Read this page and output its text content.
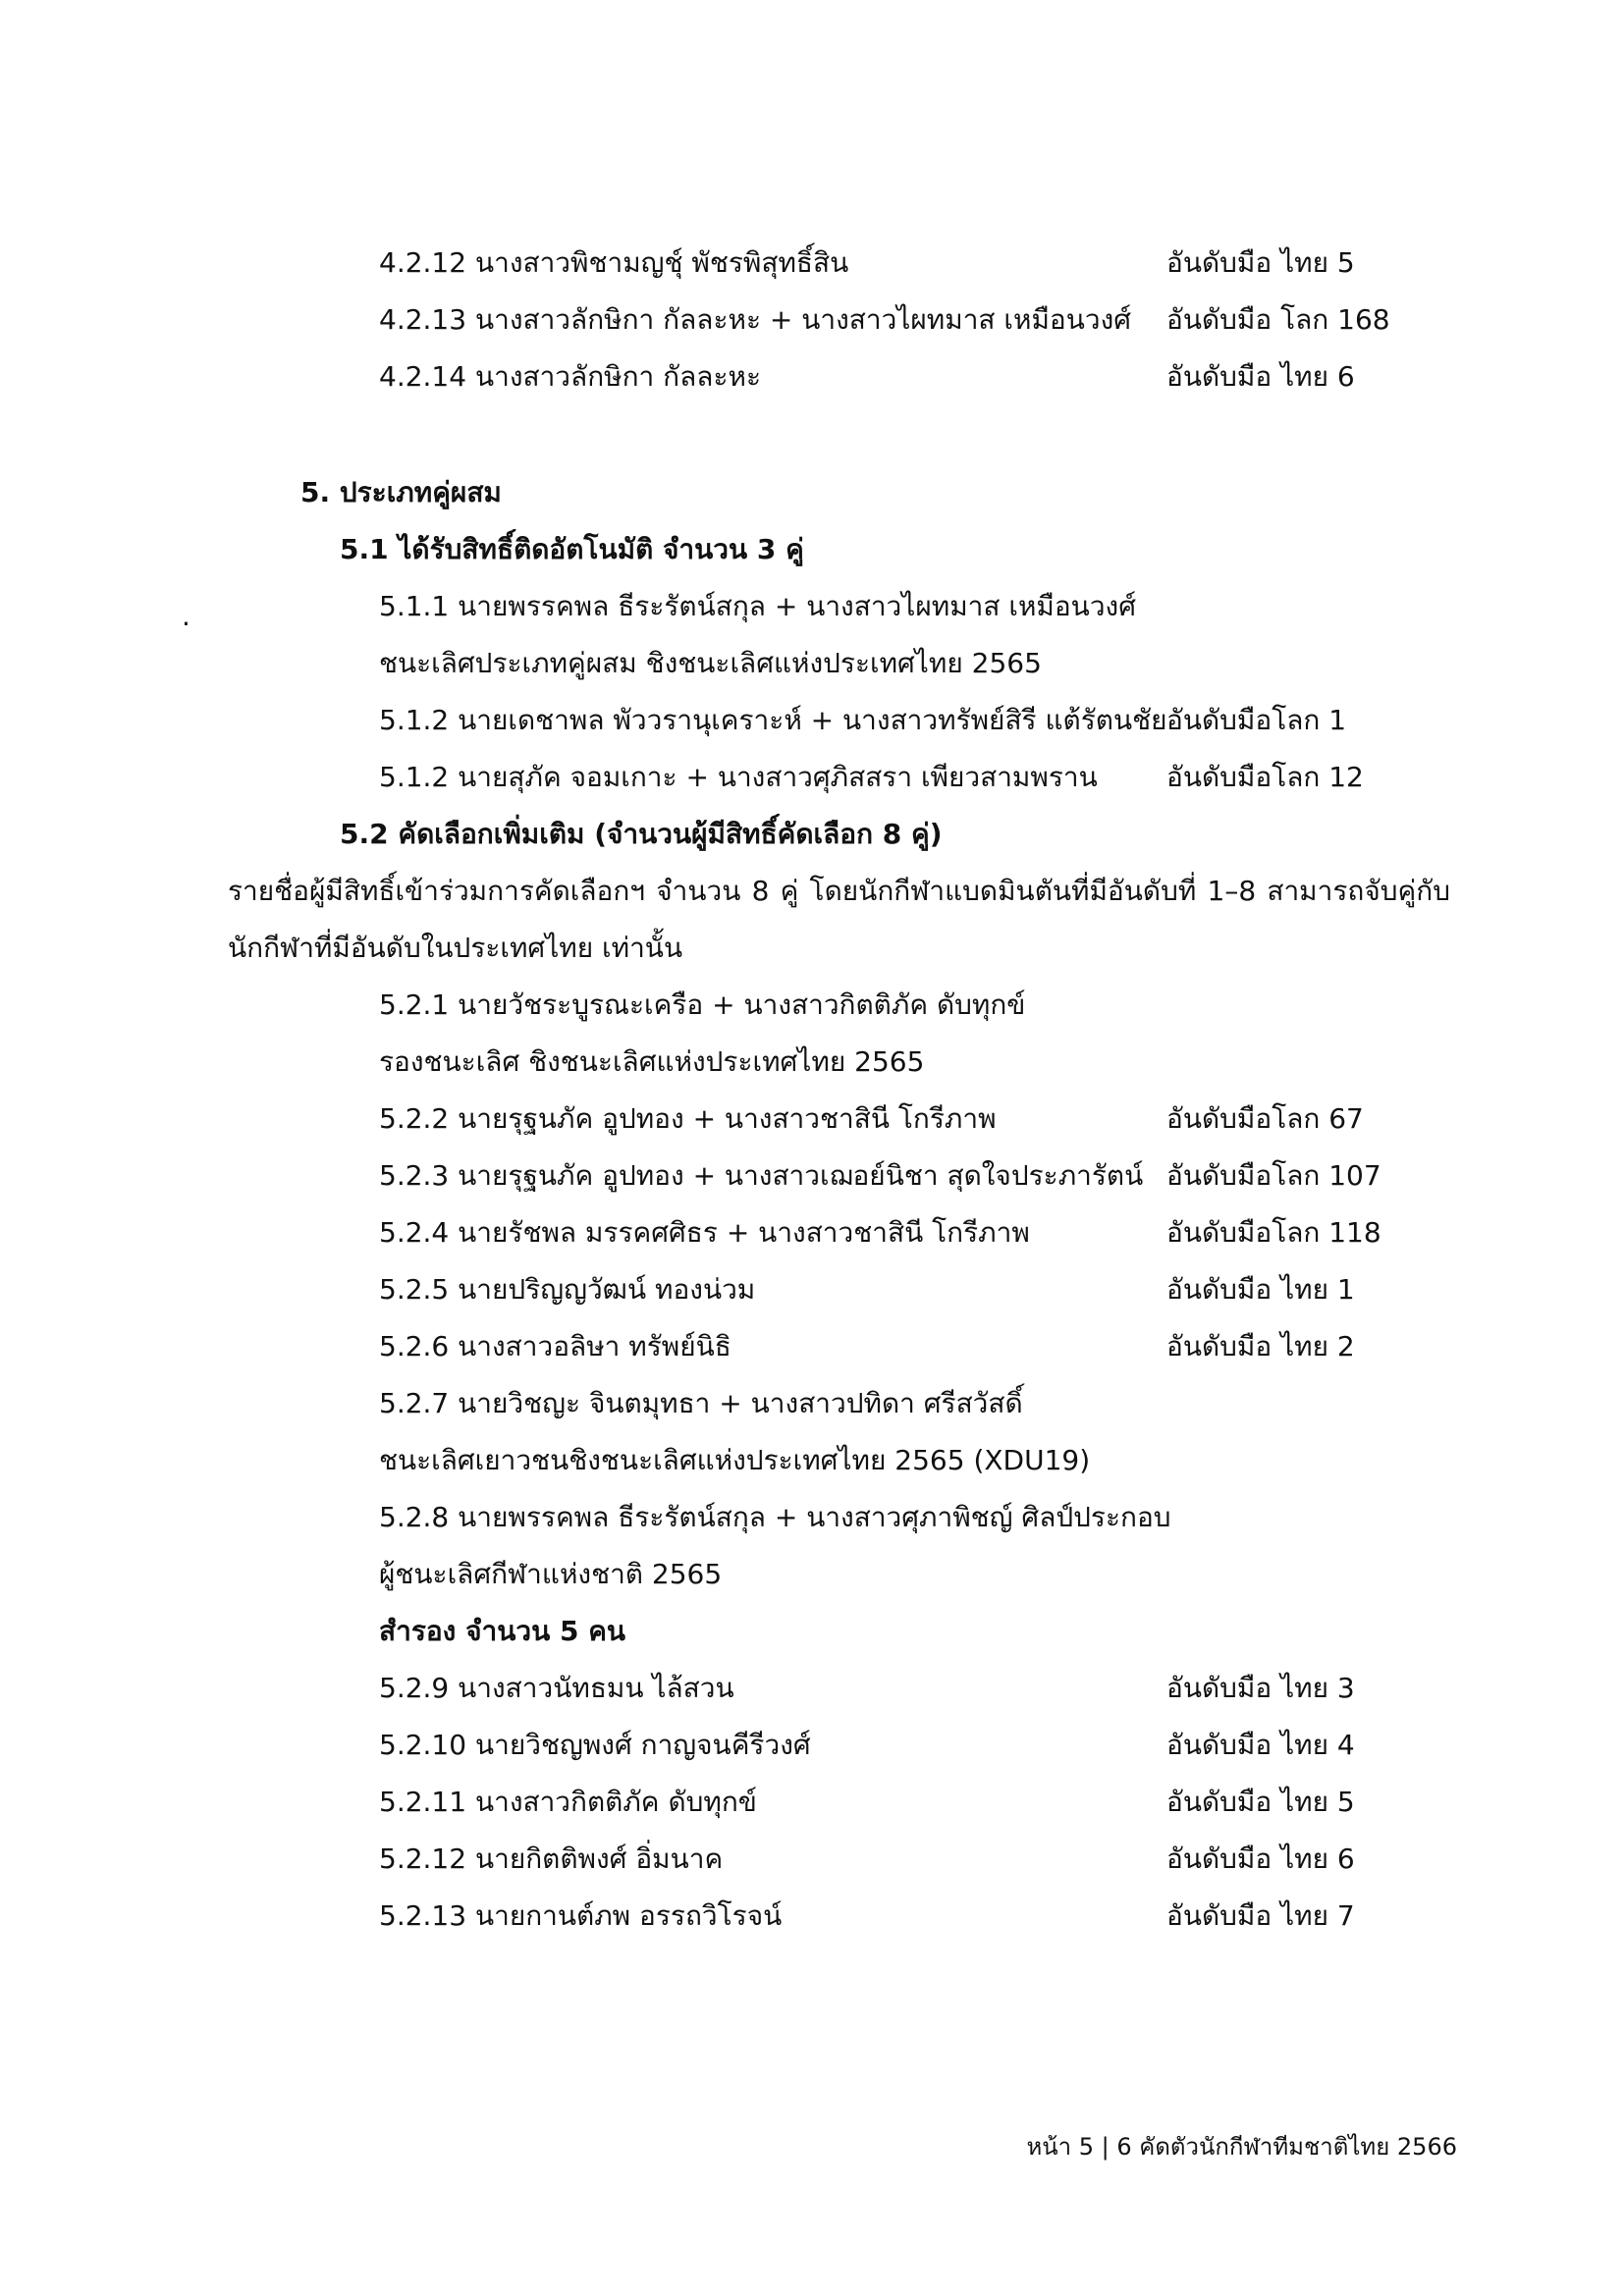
4.2.12 นางสาวพิชามญชุ์ พัชรพิสุทธิ์สิน	อันดับมือ ไทย 5
4.2.13 นางสาวลักษิกา กัลละหะ + นางสาวไผทมาส เหมือนวงศ์ อันดับมือ โลก 168
4.2.14 นางสาวลักษิกา กัลละหะ	อันดับมือ ไทย 6
5. ประเภทคู่ผสม
5.1 ได้รับสิทธิ์ติดอัตโนมัติ จำนวน 3 คู่
.	5.1.1 นายพรรคพล ธีระรัตน์สกุล + นางสาวไผทมาส เหมือนวงศ์
ชนะเลิศประเภทคู่ผสม ชิงชนะเลิศแห่งประเทศไทย 2565
5.1.2 นายเดชาพล พัววรานุเคราะห์ + นางสาวทรัพย์สิรี แต้รัตนชัย อันดับมือโลก 1
5.1.2 นายสุภัค จอมเกาะ + นางสาวศุภิสสรา เพียวสามพราน	อันดับมือโลก 12
5.2 คัดเลือกเพิ่มเติม (จำนวนผู้มีสิทธิ์คัดเลือก 8 คู่)
รายชื่อผู้มีสิทธิ์เข้าร่วมการคัดเลือกฯ จำนวน 8 คู่ โดยนักกีฬาแบดมินตันที่มีอันดับที่ 1–8 สามารถจับคู่กับ
นักกีฬาที่มีอันดับในประเทศไทย เท่านั้น
5.2.1 นายวัชระบูรณะเครือ + นางสาวกิตติภัค ดับทุกข์
รองชนะเลิศ ชิงชนะเลิศแห่งประเทศไทย 2565
5.2.2 นายรุฐนภัค อูปทอง + นางสาวชาสินี โกรีภาพ	อันดับมือโลก 67
5.2.3 นายรุฐนภัค อูปทอง + นางสาวเฌอย์นิชา สุดใจประภารัตน์ อันดับมือโลก 107
5.2.4 นายรัชพล มรรคศศิธร + นางสาวชาสินี โกรีภาพ	อันดับมือโลก 118
5.2.5 นายปริญญวัฒน์ ทองน่วม	อันดับมือ ไทย 1
5.2.6 นางสาวอลิษา ทรัพย์นิธิ	อันดับมือ ไทย 2
5.2.7 นายวิชญะ จินตมุทธา + นางสาวปทิดา ศรีสวัสดิ์
ชนะเลิศเยาวชนชิงชนะเลิศแห่งประเทศไทย 2565 (XDU19)
5.2.8 นายพรรคพล ธีระรัตน์สกุล + นางสาวศุภาพิชญ์ ศิลป์ประกอบ
ผู้ชนะเลิศกีฬาแห่งชาติ 2565
สำรอง จำนวน 5 คน
5.2.9 นางสาวนัทธมน ไล้สวน	อันดับมือ ไทย 3
5.2.10 นายวิชญพงศ์ กาญจนคีรีวงศ์	อันดับมือ ไทย 4
5.2.11 นางสาวกิตติภัค ดับทุกข์	อันดับมือ ไทย 5
5.2.12 นายกิตติพงศ์ อิ่มนาค	อันดับมือ ไทย 6
5.2.13 นายกานต์ภพ อรรถวิโรจน์	อันดับมือ ไทย 7
หน้า 5 | 6 คัดตัวนักกีฬาทีมชาติไทย 2566
